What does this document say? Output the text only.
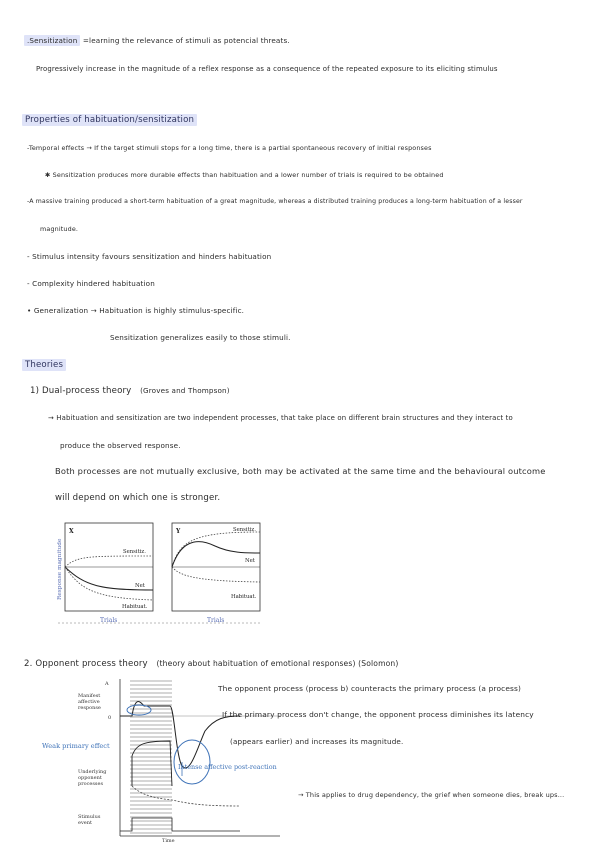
.Sensitization =learning the relevance of stimuli as potencial threats.
Progressively increase in the magnitude of a reflex response as a consequence of the repeated exposure to its eliciting stimulus
Properties of habituation/sensitization
-Temporal effects → If the target stimuli stops for a long time, there is a partial spontaneous recovery of initial responses
✱ Sensitization produces more durable effects than habituation and a lower number of trials is required to be obtained
-A massive training produced a short-term habituation of a great magnitude, whereas a distributed training produces a long-term habituation of a lesser
magnitude.
- Stimulus intensity favours sensitization and hinders habituation
- Complexity hindered habituation
• Generalization → Habituation is highly stimulus-specific.
Sensitization generalizes easily to those stimuli.
Theories
1) Dual-process theory (Groves and Thompson)
→ Habituation and sensitization are two independent processes, that take place on different brain structures and they interact to
produce the observed response.
Both processes are not mutually exclusive, both may be activated at the same time and the behavioural outcome
will depend on which one is stronger.
X
Sensitiz.
Net
Habituat.
Y	Sensitiz.
Net
Habituat.
Response magnitude
Trials	Trials
2. Opponent process theory (theory about habituation of emotional responses) (Solomon)
A
0
Manifest
affective
response
Underlying
opponent
processes
Stimulus
event
Time
Weak primary effect
Intense affective post-reaction
The opponent process (process b) counteracts the primary process (a process)
If the primary process don't change, the opponent process diminishes its latency
(appears earlier) and increases its magnitude.
→ This applies to drug dependency, the grief when someone dies, break ups...
